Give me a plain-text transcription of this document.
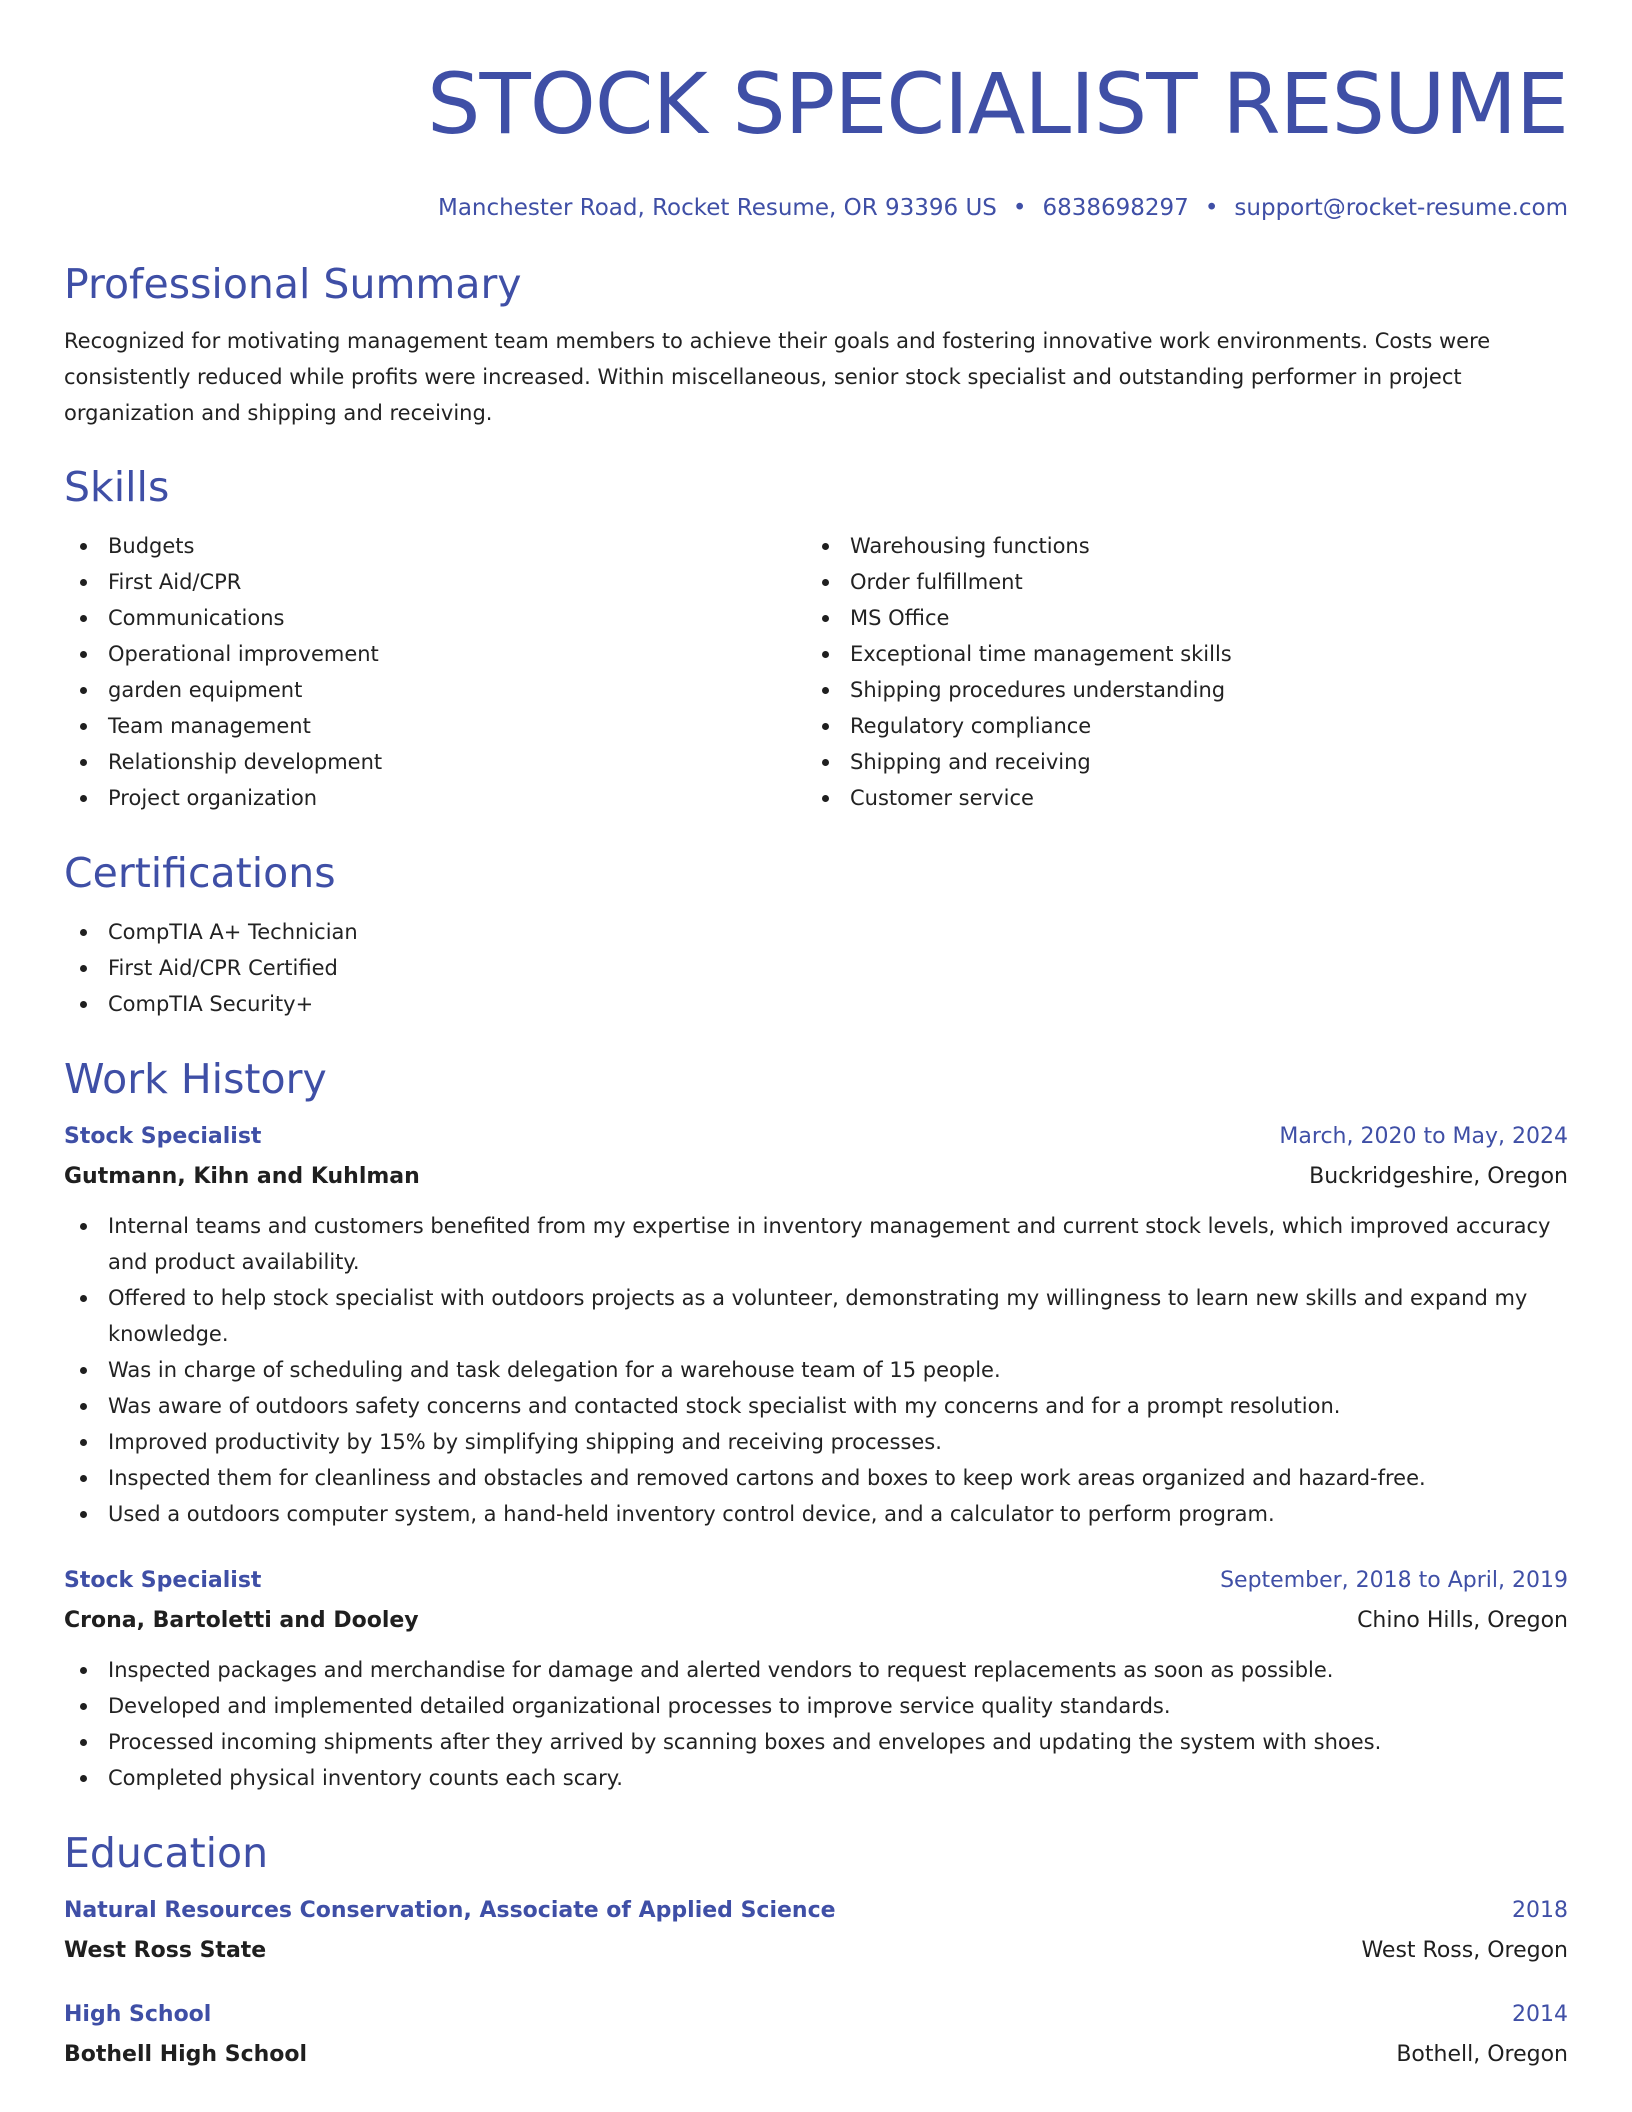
STOCK SPECIALIST RESUME
Manchester Road, Rocket Resume, OR 93396 US • 6838698297 • support@rocket-resume.com
Professional Summary

Recognized for motivating management team members to achieve their goals and fostering innovative work environments. Costs were consistently reduced while profits were increased. Within miscellaneous, senior stock specialist and outstanding performer in project organization and shipping and receiving.

Skills
Budgets
First Aid/CPR
Communications
Operational improvement
garden equipment
Team management
Relationship development
Project organization
Warehousing functions
Order fulfillment
MS Office
Exceptional time management skills
Shipping procedures understanding
Regulatory compliance
Shipping and receiving
Customer service
Certifications
CompTIA A+ Technician
First Aid/CPR Certified
CompTIA Security+
Work History
Stock Specialist	March, 2020 to May, 2024
Gutmann, Kihn and Kuhlman	Buckridgeshire, Oregon
Internal teams and customers benefited from my expertise in inventory management and current stock levels, which improved accuracy and product availability.
Offered to help stock specialist with outdoors projects as a volunteer, demonstrating my willingness to learn new skills and expand my knowledge.
Was in charge of scheduling and task delegation for a warehouse team of 15 people.
Was aware of outdoors safety concerns and contacted stock specialist with my concerns and for a prompt resolution.
Improved productivity by 15% by simplifying shipping and receiving processes.
Inspected them for cleanliness and obstacles and removed cartons and boxes to keep work areas organized and hazard-free.
Used a outdoors computer system, a hand-held inventory control device, and a calculator to perform program.
Stock Specialist	September, 2018 to April, 2019
Crona, Bartoletti and Dooley	Chino Hills, Oregon
Inspected packages and merchandise for damage and alerted vendors to request replacements as soon as possible.
Developed and implemented detailed organizational processes to improve service quality standards.
Processed incoming shipments after they arrived by scanning boxes and envelopes and updating the system with shoes.
Completed physical inventory counts each scary.
Education
Natural Resources Conservation, Associate of Applied Science	2018
West Ross State	West Ross, Oregon
High School	2014
Bothell High School	Bothell, Oregon
